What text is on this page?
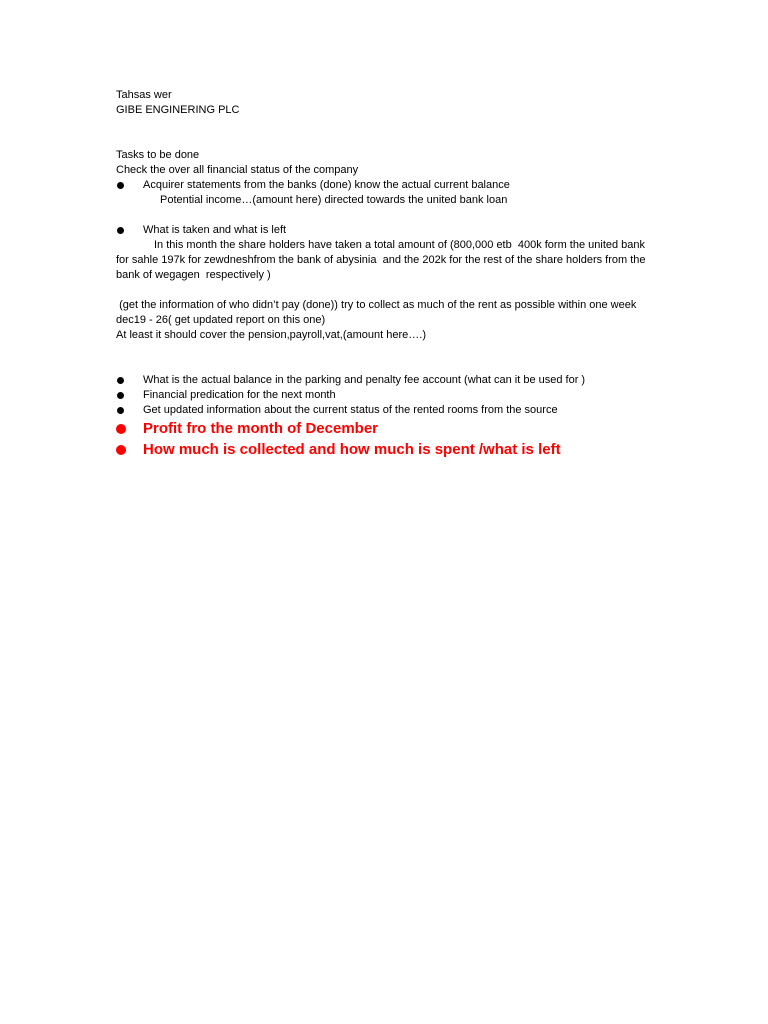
Tahsas wer

GIBE ENGINERING PLC

Tasks to be done

Check the over all financial status of the company

Acquirer statements from the banks (done) know the actual current balance

Potential income…(amount here) directed towards the united bank loan

What is taken and what is left

In this month the share holders have taken a total amount of (800,000 etb  400k form the united bank for sahle 197k for zewdneshfrom the bank of abysinia  and the 202k for the rest of the share holders from the bank of wegagen  respectively )

(get the information of who didn’t pay (done)) try to collect as much of the rent as possible within one week dec19 - 26( get updated report on this one)

At least it should cover the pension,payroll,vat,(amount here….)

What is the actual balance in the parking and penalty fee account (what can it be used for )
Financial predication for the next month
Get updated information about the current status of the rented rooms from the source
Profit fro the month of December
How much is collected and how much is spent /what is left
